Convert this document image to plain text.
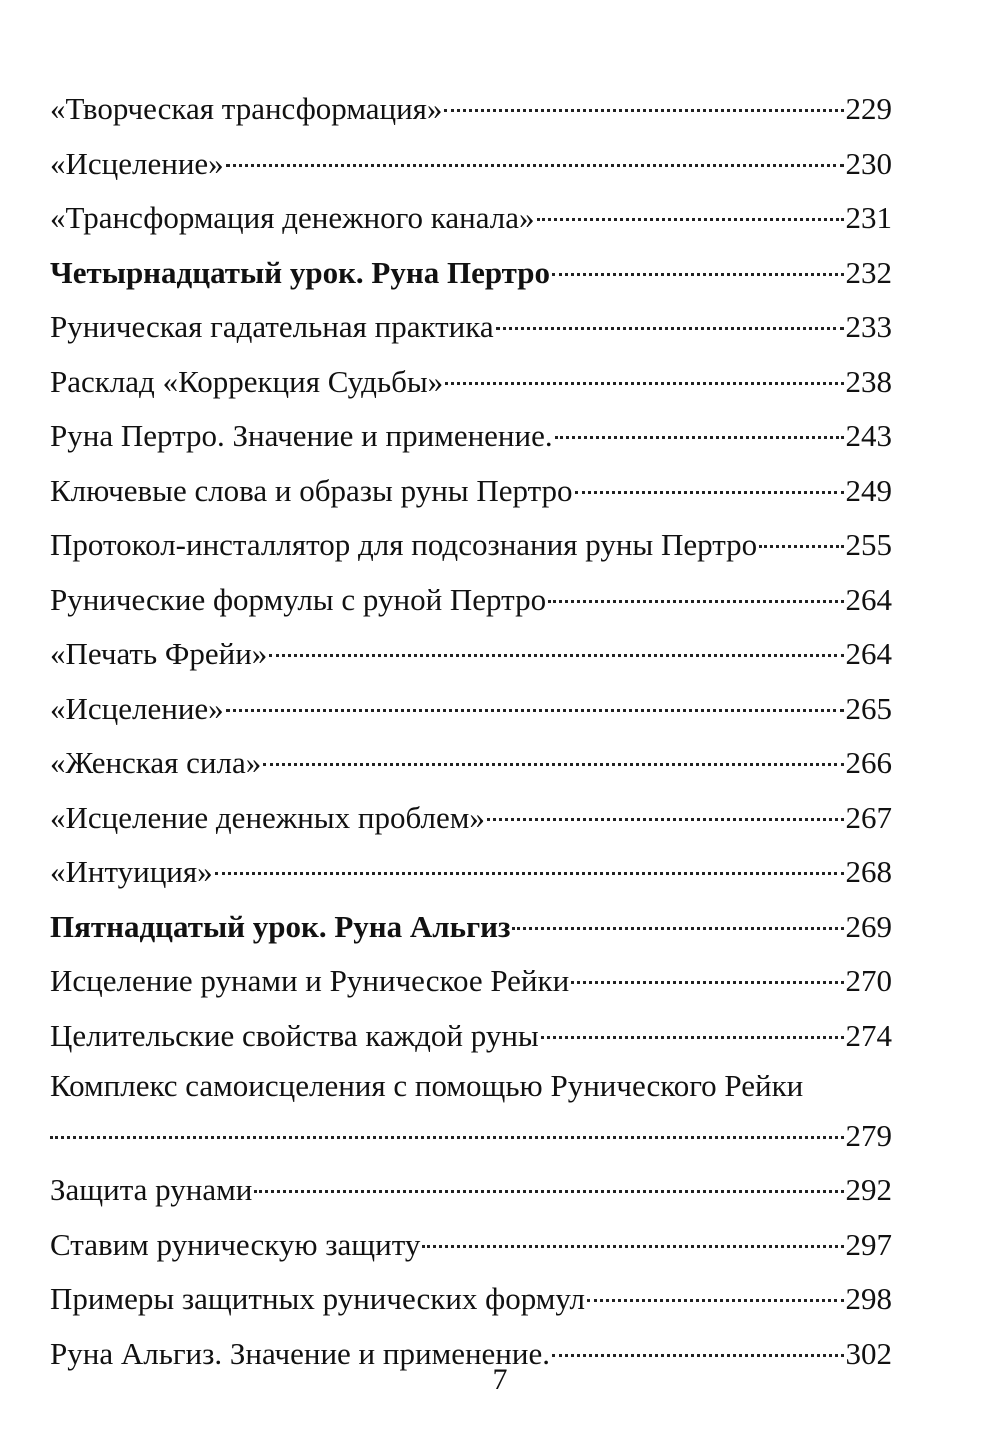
«Творческая трансформация»	229
«Исцеление»	230
«Трансформация денежного канала»	231
Четырнадцатый урок. Руна Пертро	232
Руническая гадательная практика	233
Расклад «Коррекция Судьбы»	238
Руна Пертро. Значение и применение.	243
Ключевые слова и образы руны Пертро	249
Протокол-инсталлятор для подсознания руны Пертро	255
Рунические формулы с руной Пертро	264
«Печать Фрейи»	264
«Исцеление»	265
«Женская сила»	266
«Исцеление денежных проблем»	267
«Интуиция»	268
Пятнадцатый урок. Руна Альгиз	269
Исцеление рунами и Руническое Рейки	270
Целительские свойства каждой руны	274
Комплекс самоисцеления с помощью Рунического Рейки
279
Защита рунами	292
Ставим руническую защиту	297
Примеры защитных рунических формул	298
Руна Альгиз. Значение и применение.	302
7
